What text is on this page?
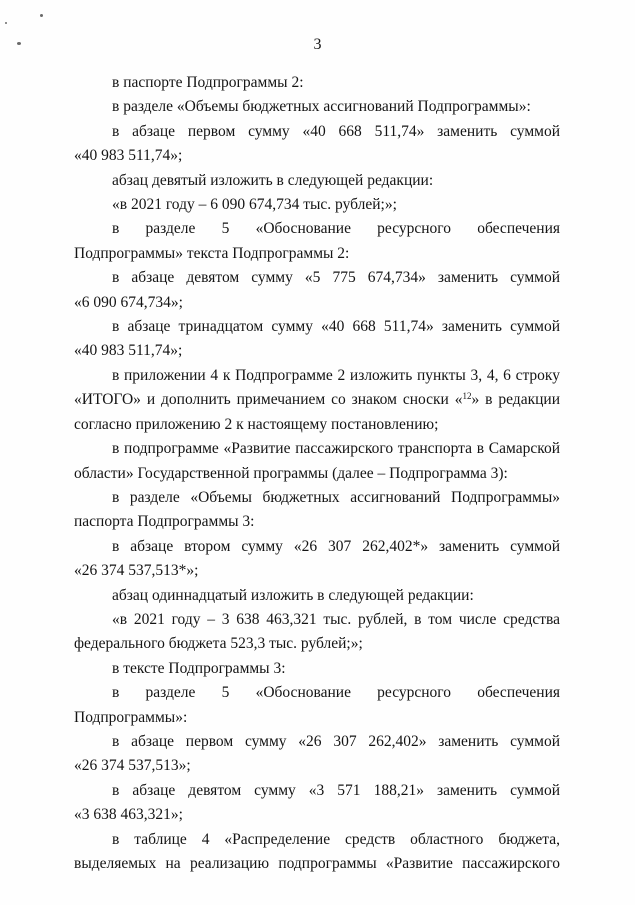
3

в паспорте Подпрограммы 2:

в разделе «Объемы бюджетных ассигнований Подпрограммы»:

в абзаце первом сумму «40 668 511,74» заменить суммой

«40 983 511,74»;

абзац девятый изложить в следующей редакции:

«в 2021 году – 6 090 674,734 тыс. рублей;»;

в разделе 5 «Обоснование ресурсного обеспечения Подпрограммы» текста Подпрограммы 2:

в абзаце девятом сумму «5 775 674,734» заменить суммой

«6 090 674,734»;

в абзаце тринадцатом сумму «40 668 511,74» заменить суммой

«40 983 511,74»;

в приложении 4 к Подпрограмме 2 изложить пункты 3, 4, 6 строку «ИТОГО» и дополнить примечанием со знаком сноски «$^{12}$» в редакции согласно приложению 2 к настоящему постановлению;

в подпрограмме «Развитие пассажирского транспорта в Самарской области» Государственной программы (далее – Подпрограмма 3):

в разделе «Объемы бюджетных ассигнований Подпрограммы» паспорта Подпрограммы 3:

в абзаце втором сумму «26 307 262,402*» заменить суммой

«26 374 537,513*»;

абзац одиннадцатый изложить в следующей редакции:

«в 2021 году – 3 638 463,321 тыс. рублей, в том числе средства федерального бюджета 523,3 тыс. рублей;»;

в тексте Подпрограммы 3:

в разделе 5 «Обоснование ресурсного обеспечения Подпрограммы»:

в абзаце первом сумму «26 307 262,402» заменить суммой

«26 374 537,513»;

в абзаце девятом сумму «3 571 188,21» заменить суммой

«3 638 463,321»;

в таблице 4 «Распределение средств областного бюджета, выделяемых на реализацию подпрограммы «Развитие пассажирского
